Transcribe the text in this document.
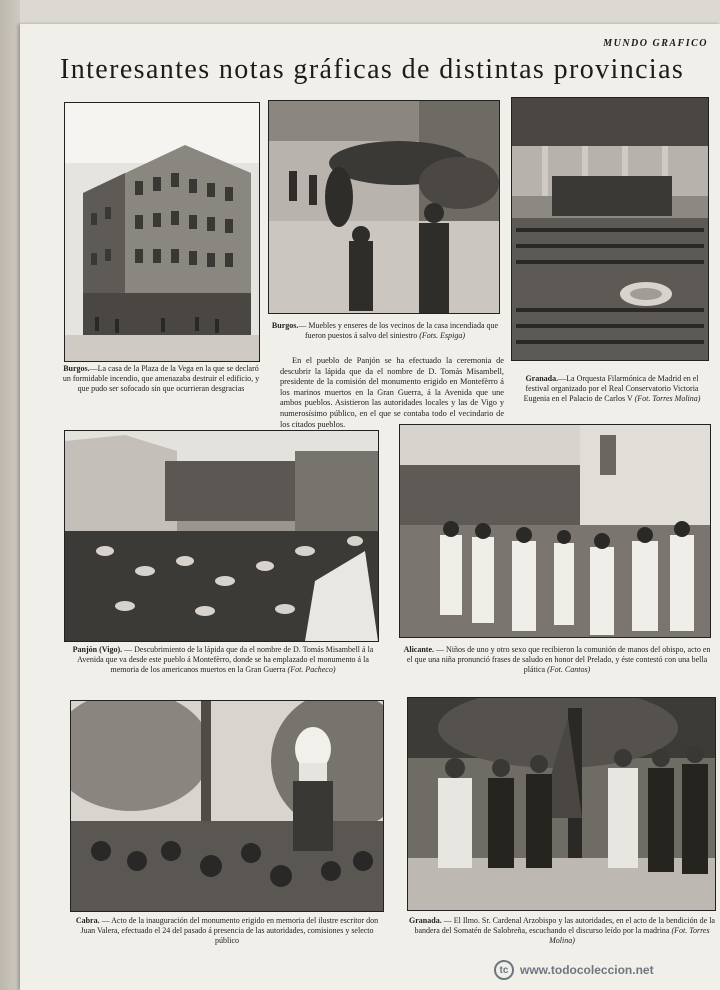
MUNDO GRAFICO
Interesantes notas gráficas de distintas provincias
Burgos.—La casa de la Plaza de la Vega en la que se declaró un formidable incendio, que amenazaba destruir el edificio, y que pudo ser sofocado sin que ocurrieran desgracias
Burgos.— Muebles y enseres de los vecinos de la casa incendiada que fueron puestos á salvo del siniestro (Fots. Espiga)
En el pueblo de Panjón se ha efectuado la ceremonia de descubrir la lápida que da el nombre de D. Tomás Misambell, presidente de la comisión del monumento erigido en Montefèrro á los marinos muertos en la Gran Guerra, á la Avenida que une ambos pueblos. Asistieron las autoridades locales y las de Vigo y numerosísimo público, en el que se contaba todo el vecindario de los citados pueblos.
Granada.—La Orquesta Filarmónica de Madrid en el festival organizado por el Real Conservatorio Victoria Eugenia en el Palacio de Carlos V (Fot. Torres Molina)
Panjón (Vigo). — Descubrimiento de la lápida que da el nombre de D. Tomás Misambell á la Avenida que va desde este pueblo á Montefèrro, donde se ha emplazado el monumento á la memoria de los americanos muertos en la Gran Guerra (Fot. Pacheco)
Alicante. — Niños de uno y otro sexo que recibieron la comunión de manos del obispo, acto en el que una niña pronunció frases de saludo en honor del Prelado, y éste contestó con una bella plática (Fot. Cantos)
Cabra. — Acto de la inauguración del monumento erigido en memoria del ilustre escritor don Juan Valera, efectuado el 24 del pasado á presencia de las autoridades, comisiones y selecto público
Granada. — El Ilmo. Sr. Cardenal Arzobispo y las autoridades, en el acto de la bendición de la bandera del Somatén de Salobreña, escuchando el discurso leído por la madrina (Fot. Torres Molina)
tc www.todocoleccion.net
